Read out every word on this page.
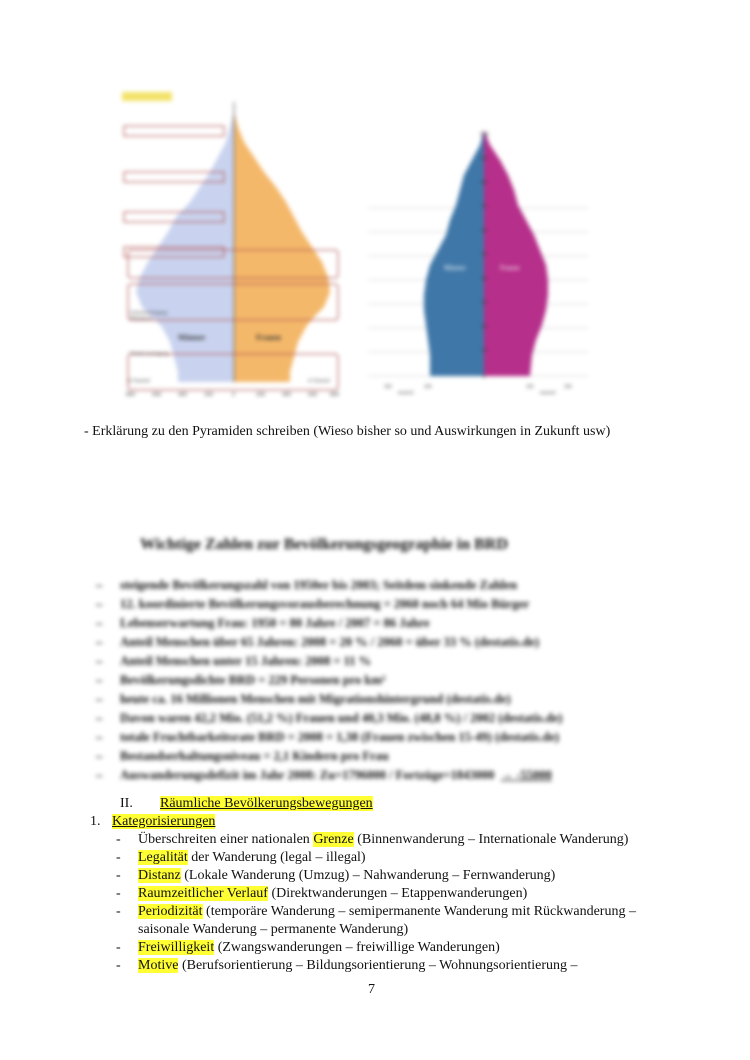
Geburtenrückgang
Pillenknick
Wiedervereinigung
Männer	Frauen
in Tausend	in Tausend
800	600	400	200	0	200	400	600 800
100
90
80
70
60
50
40
30
20
10
0
Männer	Frauen
300	200
tausend
200	300
tausend
- Erklärung zu den Pyramiden schreiben (Wieso bisher so und Auswirkungen in Zukunft usw)
Wichtige Zahlen zur Bevölkerungsgeographie in BRD
– steigende Bevölkerungszahl von 1950er bis 2003; Seitdem sinkende Zahlen
– 12. koordinierte Bevölkerungsvorausberechnung = 2060 noch 64 Mio Bürger
– Lebenserwartung Frau: 1950 = 80 Jahre / 2007 = 86 Jahre
– Anteil Menschen über 65 Jahren: 2008 = 20 % / 2060 = über 33 % (destatis.de)
– Anteil Menschen unter 15 Jahren: 2008 = 11 %
– Bevölkerungsdichte BRD = 229 Personen pro km²
– heute ca. 16 Millionen Menschen mit Migrationshintergrund (destatis.de)
– Davon waren 42,2 Mio. (51,2 %) Frauen und 40,3 Mio. (48,8 %) / 2002 (destatis.de)
– totale Fruchtbarkeitsrate BRD = 2008 = 1,38 (Frauen zwischen 15-49) (destatis.de)
– Bestandserhaltungsniveau = 2,1 Kindern pro Frau
– Auswanderungsdefizit im Jahr 2008: Zu=1796000 / Fortzüge=1843000 → -55000
II. Räumliche Bevölkerungsbewegungen
1. Kategorisierungen
- Überschreiten einer nationalen Grenze (Binnenwanderung – Internationale Wanderung)
- Legalität der Wanderung (legal – illegal)
- Distanz (Lokale Wanderung (Umzug) – Nahwanderung – Fernwanderung)
- Raumzeitlicher Verlauf (Direktwanderungen – Etappenwanderungen)
- Periodizität (temporäre Wanderung – semipermanente Wanderung mit Rückwanderung –
saisonale Wanderung – permanente Wanderung)
- Freiwilligkeit (Zwangswanderungen – freiwillige Wanderungen)
- Motive (Berufsorientierung – Bildungsorientierung – Wohnungsorientierung –
7
